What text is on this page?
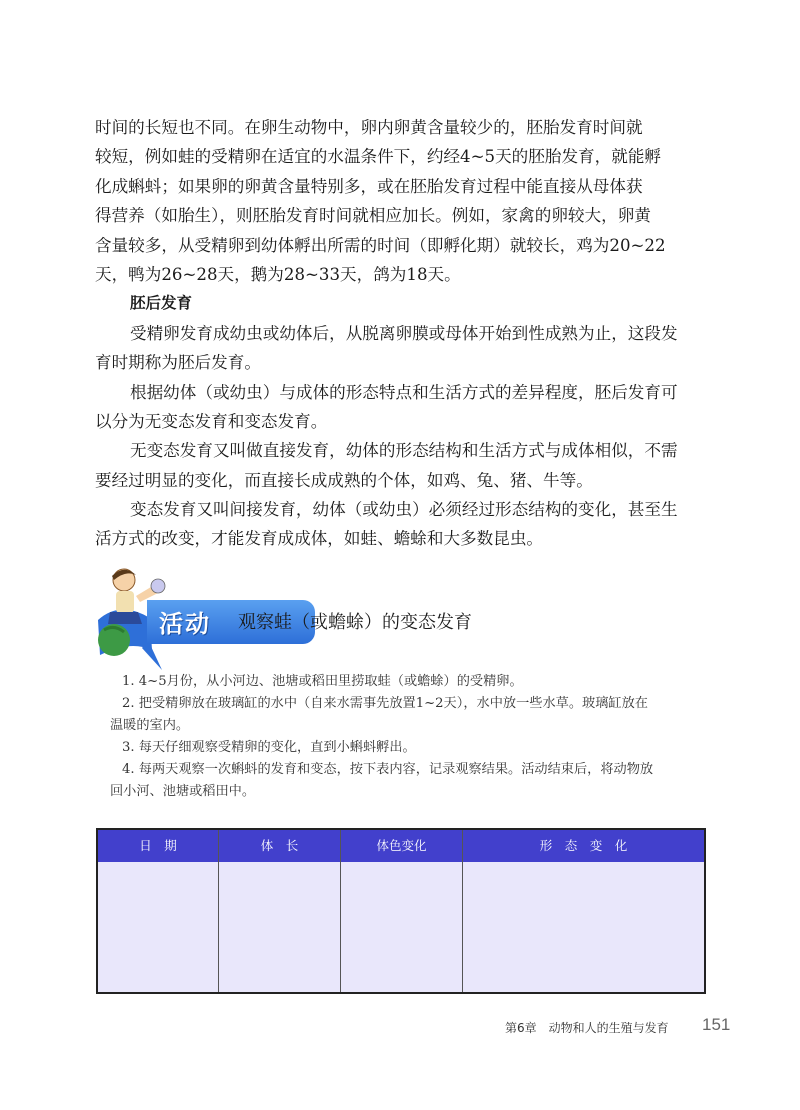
时间的长短也不同。在卵生动物中，卵内卵黄含量较少的，胚胎发育时间就
较短，例如蛙的受精卵在适宜的水温条件下，约经4~5天的胚胎发育，就能孵
化成蝌蚪；如果卵的卵黄含量特别多，或在胚胎发育过程中能直接从母体获
得营养（如胎生），则胚胎发育时间就相应加长。例如，家禽的卵较大，卵黄
含量较多，从受精卵到幼体孵出所需的时间（即孵化期）就较长，鸡为20~22
天，鸭为26~28天，鹅为28~33天，鸽为18天。
胚后发育
受精卵发育成幼虫或幼体后，从脱离卵膜或母体开始到性成熟为止，这段发
育时期称为胚后发育。
根据幼体（或幼虫）与成体的形态特点和生活方式的差异程度，胚后发育可
以分为无变态发育和变态发育。
无变态发育又叫做直接发育，幼体的形态结构和生活方式与成体相似，不需
要经过明显的变化，而直接长成成熟的个体，如鸡、兔、猪、牛等。
变态发育又叫间接发育，幼体（或幼虫）必须经过形态结构的变化，甚至生
活方式的改变，才能发育成成体，如蛙、蟾蜍和大多数昆虫。
活动 观察蛙（或蟾蜍）的变态发育
1. 4~5月份，从小河边、池塘或稻田里捞取蛙（或蟾蜍）的受精卵。
2. 把受精卵放在玻璃缸的水中（自来水需事先放置1~2天），水中放一些水草。玻璃缸放在
温暖的室内。
3. 每天仔细观察受精卵的变化，直到小蝌蚪孵出。
4. 每两天观察一次蝌蚪的发育和变态，按下表内容，记录观察结果。活动结束后，将动物放
回小河、池塘或稻田中。
日　期	体　长	体色变化	形　态　变　化
第6章　动物和人的生殖与发育 151
